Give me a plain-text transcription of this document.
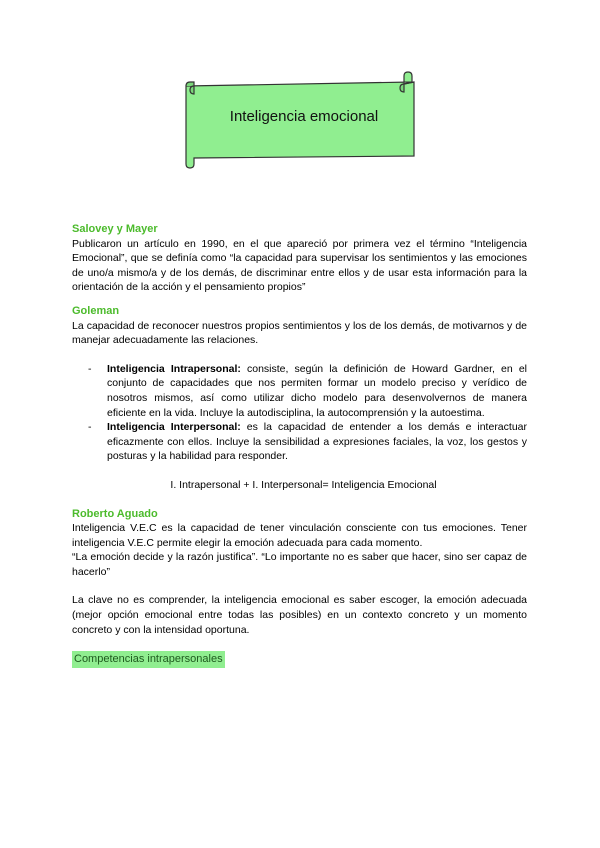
Inteligencia emocional

Salovey y Mayer

Publicaron un artículo en 1990, en el que apareció por primera vez el término “Inteligencia Emocional”, que se definía como “la capacidad para supervisar los sentimientos y las emociones de uno/a mismo/a y de los demás, de discriminar entre ellos y de usar esta información para la orientación de la acción y el pensamiento propios”

Goleman

La capacidad de reconocer nuestros propios sentimientos y los de los demás, de motivarnos y de manejar adecuadamente las relaciones.

- Inteligencia Intrapersonal: consiste, según la definición de Howard Gardner, en el conjunto de capacidades que nos permiten formar un modelo preciso y verídico de nosotros mismos, así como utilizar dicho modelo para desenvolvernos de manera eficiente en la vida. Incluye la autodisciplina, la autocomprensión y la autoestima.
- Inteligencia Interpersonal: es la capacidad de entender a los demás e interactuar eficazmente con ellos. Incluye la sensibilidad a expresiones faciales, la voz, los gestos y posturas y la habilidad para responder.

I. Intrapersonal + I. Interpersonal= Inteligencia Emocional

Roberto Aguado

Inteligencia V.E.C es la capacidad de tener vinculación consciente con tus emociones. Tener inteligencia V.E.C permite elegir la emoción adecuada para cada momento.

“La emoción decide y la razón justifica”. “Lo importante no es saber que hacer, sino ser capaz de hacerlo”

La clave no es comprender, la inteligencia emocional es saber escoger, la emoción adecuada (mejor opción emocional entre todas las posibles) en un contexto concreto y un momento concreto y con la intensidad oportuna.

Competencias intrapersonales
